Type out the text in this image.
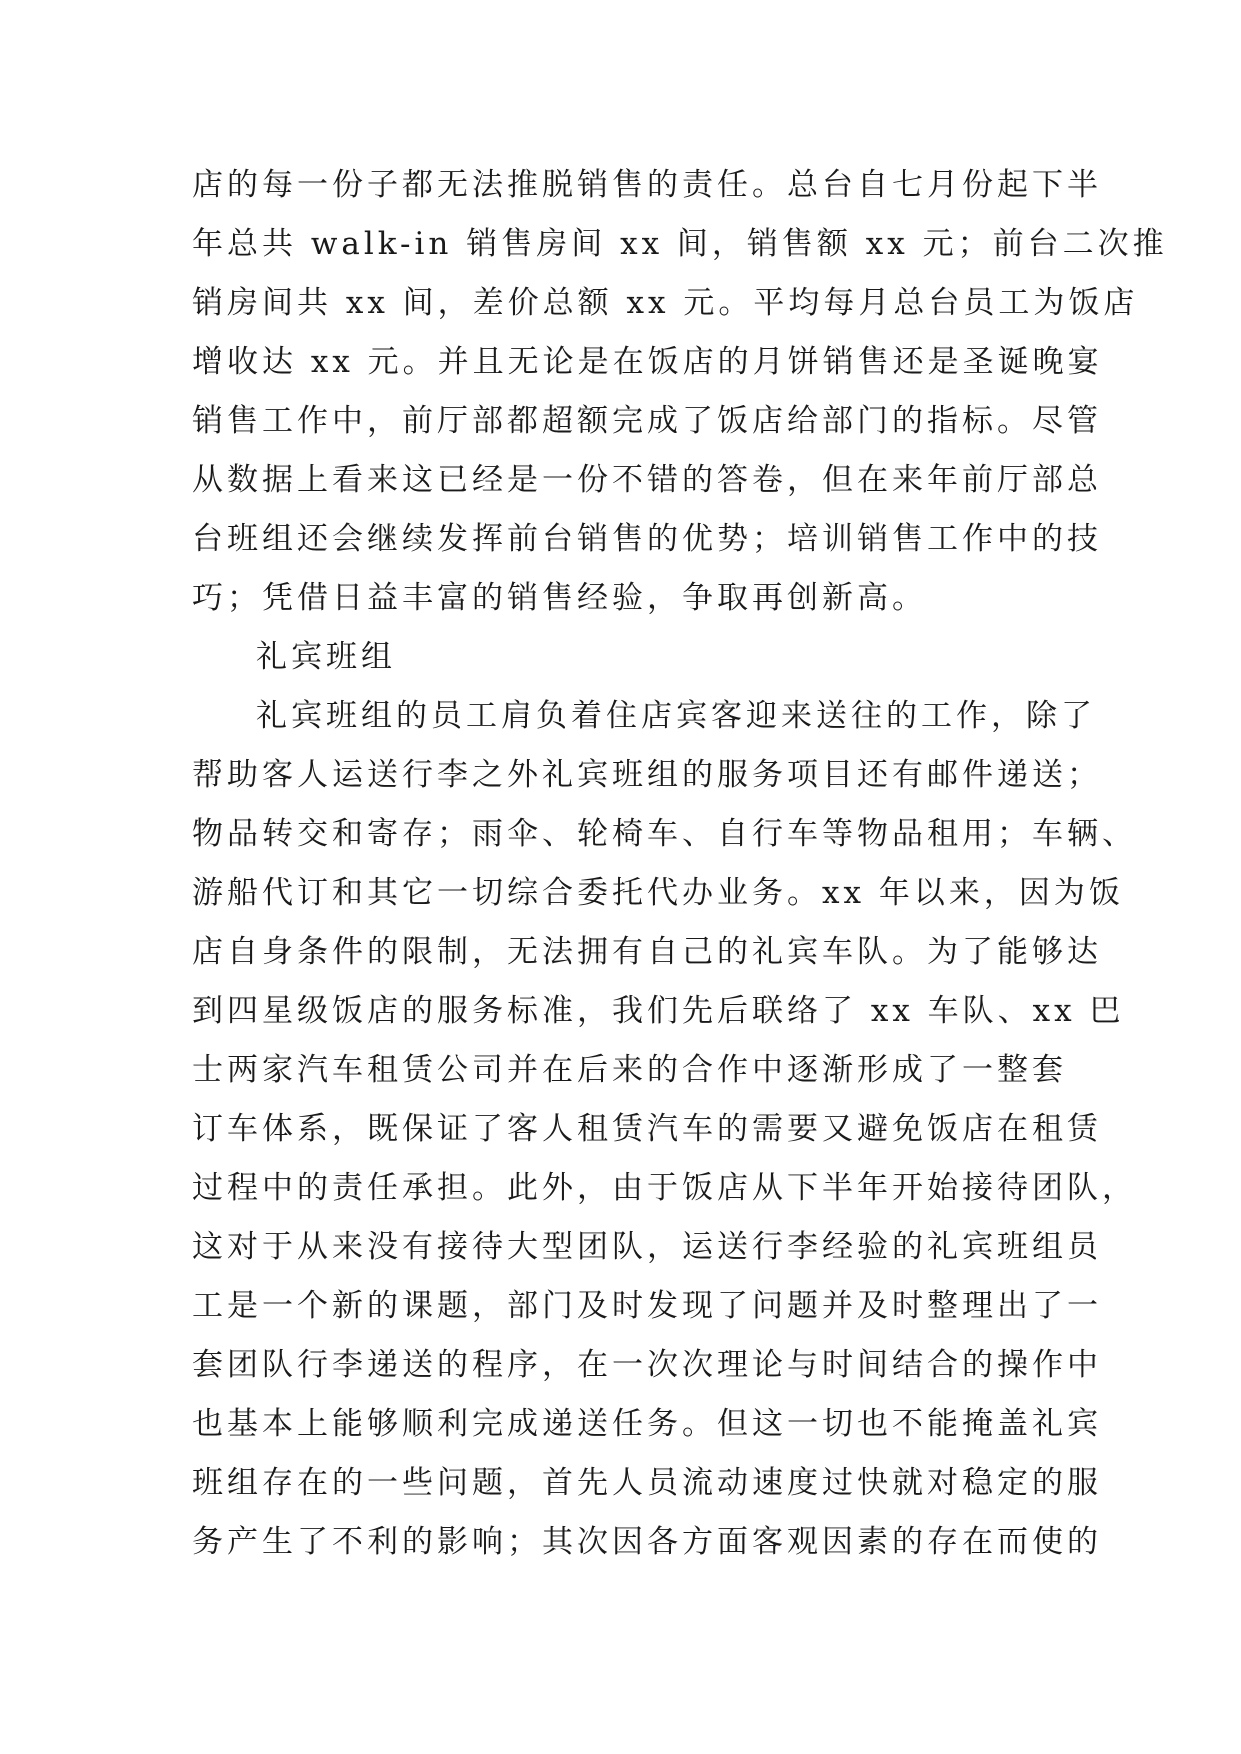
店的每一份子都无法推脱销售的责任。总台自七月份起下半
年总共 walk-in 销售房间 xx 间，销售额 xx 元；前台二次推
销房间共 xx 间，差价总额 xx 元。平均每月总台员工为饭店
增收达 xx 元。并且无论是在饭店的月饼销售还是圣诞晚宴
销售工作中，前厅部都超额完成了饭店给部门的指标。尽管
从数据上看来这已经是一份不错的答卷，但在来年前厅部总
台班组还会继续发挥前台销售的优势；培训销售工作中的技
巧；凭借日益丰富的销售经验，争取再创新高。
礼宾班组
礼宾班组的员工肩负着住店宾客迎来送往的工作，除了
帮助客人运送行李之外礼宾班组的服务项目还有邮件递送；
物品转交和寄存；雨伞、轮椅车、自行车等物品租用；车辆、
游船代订和其它一切综合委托代办业务。xx 年以来，因为饭
店自身条件的限制，无法拥有自己的礼宾车队。为了能够达
到四星级饭店的服务标准，我们先后联络了 xx 车队、xx 巴
士两家汽车租赁公司并在后来的合作中逐渐形成了一整套
订车体系，既保证了客人租赁汽车的需要又避免饭店在租赁
过程中的责任承担。此外，由于饭店从下半年开始接待团队，
这对于从来没有接待大型团队，运送行李经验的礼宾班组员
工是一个新的课题，部门及时发现了问题并及时整理出了一
套团队行李递送的程序，在一次次理论与时间结合的操作中
也基本上能够顺利完成递送任务。但这一切也不能掩盖礼宾
班组存在的一些问题，首先人员流动速度过快就对稳定的服
务产生了不利的影响；其次因各方面客观因素的存在而使的
